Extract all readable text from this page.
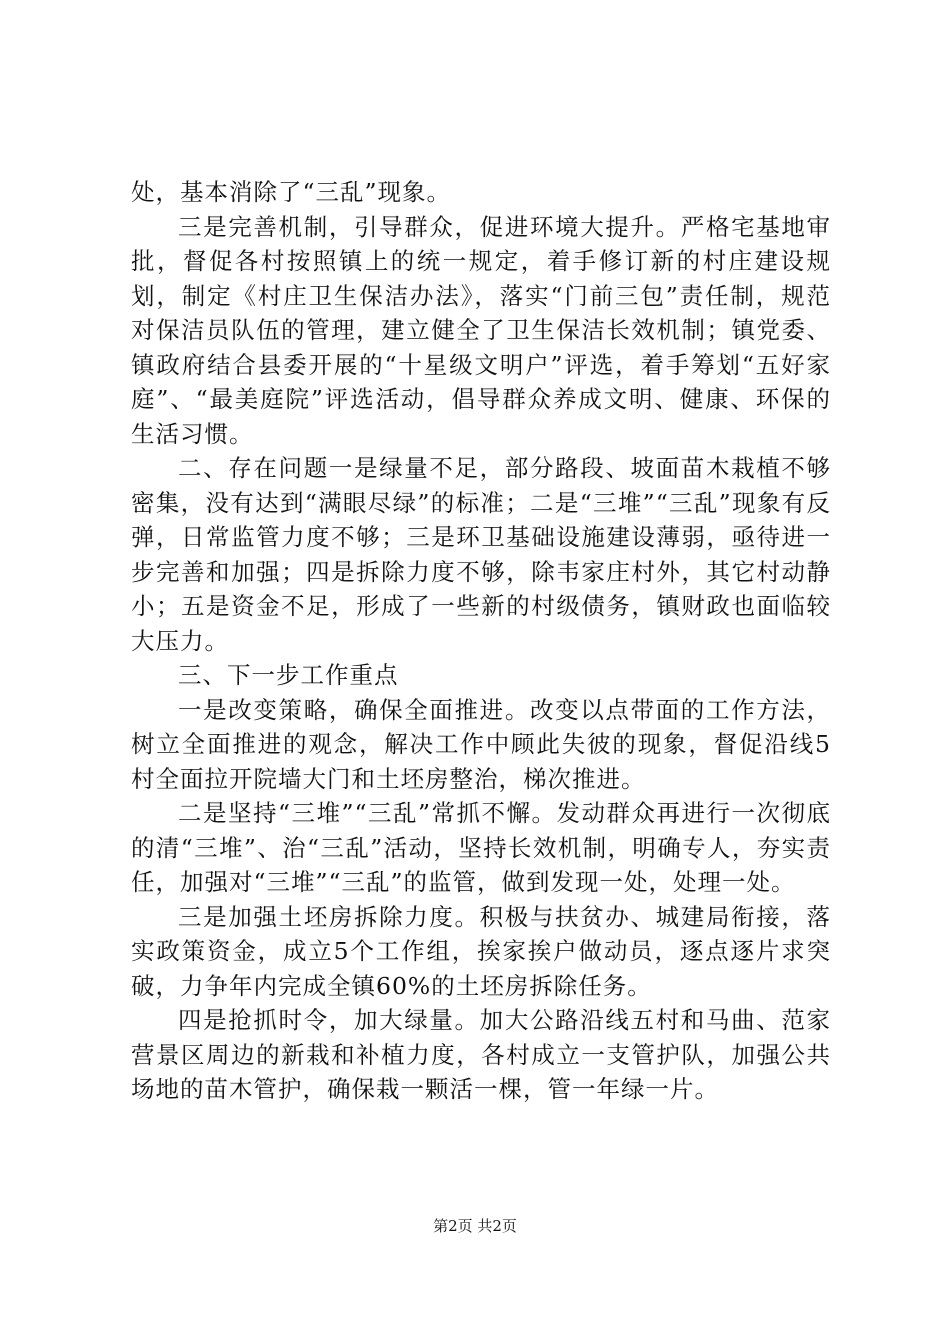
处，基本消除了“三乱”现象。

三是完善机制，引导群众，促进环境大提升。严格宅基地审批，督促各村按照镇上的统一规定，着手修订新的村庄建设规划，制定《村庄卫生保洁办法》，落实“门前三包”责任制，规范对保洁员队伍的管理，建立健全了卫生保洁长效机制；镇党委、镇政府结合县委开展的“十星级文明户”评选，着手筹划“五好家庭”、“最美庭院”评选活动，倡导群众养成文明、健康、环保的生活习惯。

二、存在问题一是绿量不足，部分路段、坡面苗木栽植不够密集，没有达到“满眼尽绿”的标准；二是“三堆”“三乱”现象有反弹，日常监管力度不够；三是环卫基础设施建设薄弱，亟待进一步完善和加强；四是拆除力度不够，除韦家庄村外，其它村动静小；五是资金不足，形成了一些新的村级债务，镇财政也面临较大压力。

三、下一步工作重点

一是改变策略，确保全面推进。改变以点带面的工作方法，树立全面推进的观念，解决工作中顾此失彼的现象，督促沿线5村全面拉开院墙大门和土坯房整治，梯次推进。

二是坚持“三堆”“三乱”常抓不懈。发动群众再进行一次彻底的清“三堆”、治“三乱”活动，坚持长效机制，明确专人，夯实责任，加强对“三堆”“三乱”的监管，做到发现一处，处理一处。

三是加强土坯房拆除力度。积极与扶贫办、城建局衔接，落实政策资金，成立5个工作组，挨家挨户做动员，逐点逐片求突破，力争年内完成全镇60%的土坯房拆除任务。

四是抢抓时令，加大绿量。加大公路沿线五村和马曲、范家营景区周边的新栽和补植力度，各村成立一支管护队，加强公共场地的苗木管护，确保栽一颗活一棵，管一年绿一片。

第2页 共2页
